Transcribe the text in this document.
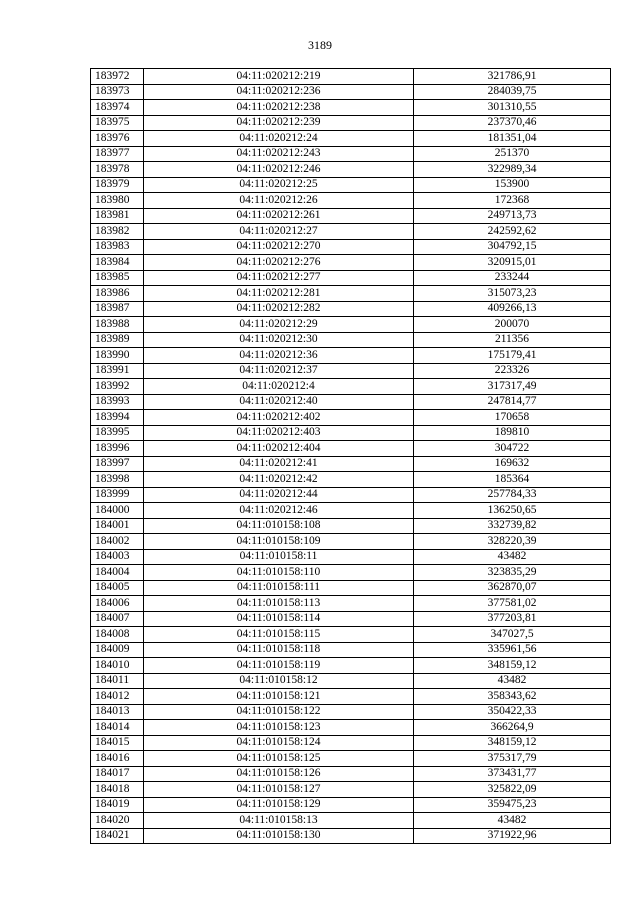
3189
183972	04:11:020212:219	321786,91
183973	04:11:020212:236	284039,75
183974	04:11:020212:238	301310,55
183975	04:11:020212:239	237370,46
183976	04:11:020212:24	181351,04
183977	04:11:020212:243	251370
183978	04:11:020212:246	322989,34
183979	04:11:020212:25	153900
183980	04:11:020212:26	172368
183981	04:11:020212:261	249713,73
183982	04:11:020212:27	242592,62
183983	04:11:020212:270	304792,15
183984	04:11:020212:276	320915,01
183985	04:11:020212:277	233244
183986	04:11:020212:281	315073,23
183987	04:11:020212:282	409266,13
183988	04:11:020212:29	200070
183989	04:11:020212:30	211356
183990	04:11:020212:36	175179,41
183991	04:11:020212:37	223326
183992	04:11:020212:4	317317,49
183993	04:11:020212:40	247814,77
183994	04:11:020212:402	170658
183995	04:11:020212:403	189810
183996	04:11:020212:404	304722
183997	04:11:020212:41	169632
183998	04:11:020212:42	185364
183999	04:11:020212:44	257784,33
184000	04:11:020212:46	136250,65
184001	04:11:010158:108	332739,82
184002	04:11:010158:109	328220,39
184003	04:11:010158:11	43482
184004	04:11:010158:110	323835,29
184005	04:11:010158:111	362870,07
184006	04:11:010158:113	377581,02
184007	04:11:010158:114	377203,81
184008	04:11:010158:115	347027,5
184009	04:11:010158:118	335961,56
184010	04:11:010158:119	348159,12
184011	04:11:010158:12	43482
184012	04:11:010158:121	358343,62
184013	04:11:010158:122	350422,33
184014	04:11:010158:123	366264,9
184015	04:11:010158:124	348159,12
184016	04:11:010158:125	375317,79
184017	04:11:010158:126	373431,77
184018	04:11:010158:127	325822,09
184019	04:11:010158:129	359475,23
184020	04:11:010158:13	43482
184021	04:11:010158:130	371922,96
